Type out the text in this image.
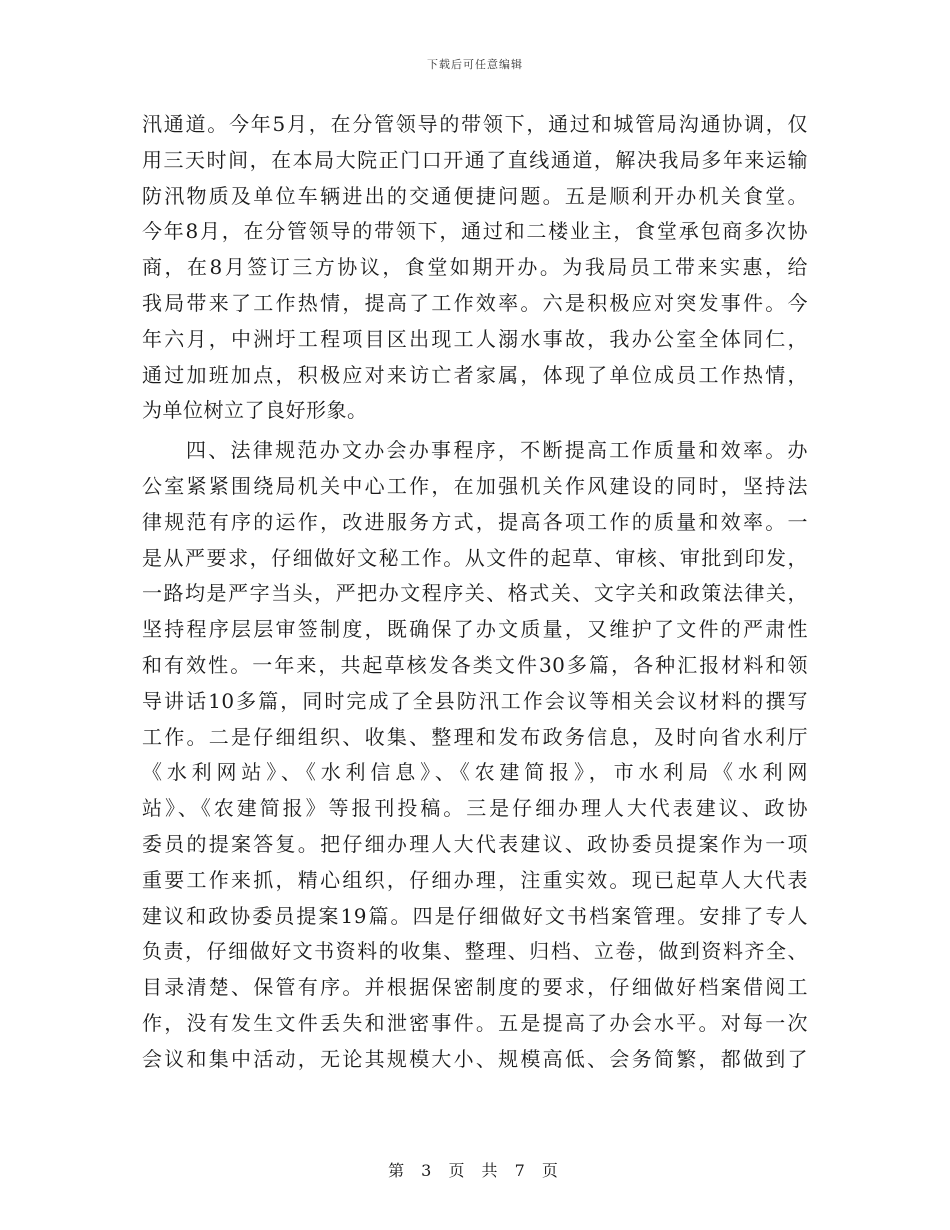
下载后可任意编辑
汛通道。今年5月，在分管领导的带领下，通过和城管局沟通协调，仅
用三天时间，在本局大院正门口开通了直线通道，解决我局多年来运输
防汛物质及单位车辆进出的交通便捷问题。五是顺利开办机关食堂。
今年8月，在分管领导的带领下，通过和二楼业主，食堂承包商多次协
商，在8月签订三方协议，食堂如期开办。为我局员工带来实惠，给
我局带来了工作热情，提高了工作效率。六是积极应对突发事件。今
年六月，中洲圩工程项目区出现工人溺水事故，我办公室全体同仁，
通过加班加点，积极应对来访亡者家属，体现了单位成员工作热情，
为单位树立了良好形象。
四、法律规范办文办会办事程序，不断提高工作质量和效率。办
公室紧紧围绕局机关中心工作，在加强机关作风建设的同时，坚持法
律规范有序的运作，改进服务方式，提高各项工作的质量和效率。一
是从严要求，仔细做好文秘工作。从文件的起草、审核、审批到印发，
一路均是严字当头，严把办文程序关、格式关、文字关和政策法律关，
坚持程序层层审签制度，既确保了办文质量，又维护了文件的严肃性
和有效性。一年来，共起草核发各类文件30多篇，各种汇报材料和领
导讲话10多篇，同时完成了全县防汛工作会议等相关会议材料的撰写
工作。二是仔细组织、收集、整理和发布政务信息，及时向省水利厅
《水利网站》、《水利信息》、《农建简报》，市水利局《水利网
站》、《农建简报》等报刊投稿。三是仔细办理人大代表建议、政协
委员的提案答复。把仔细办理人大代表建议、政协委员提案作为一项
重要工作来抓，精心组织，仔细办理，注重实效。现已起草人大代表
建议和政协委员提案19篇。四是仔细做好文书档案管理。安排了专人
负责，仔细做好文书资料的收集、整理、归档、立卷，做到资料齐全、
目录清楚、保管有序。并根据保密制度的要求，仔细做好档案借阅工
作，没有发生文件丢失和泄密事件。五是提高了办会水平。对每一次
会议和集中活动，无论其规模大小、规模高低、会务简繁，都做到了
第 3 页 共 7 页
